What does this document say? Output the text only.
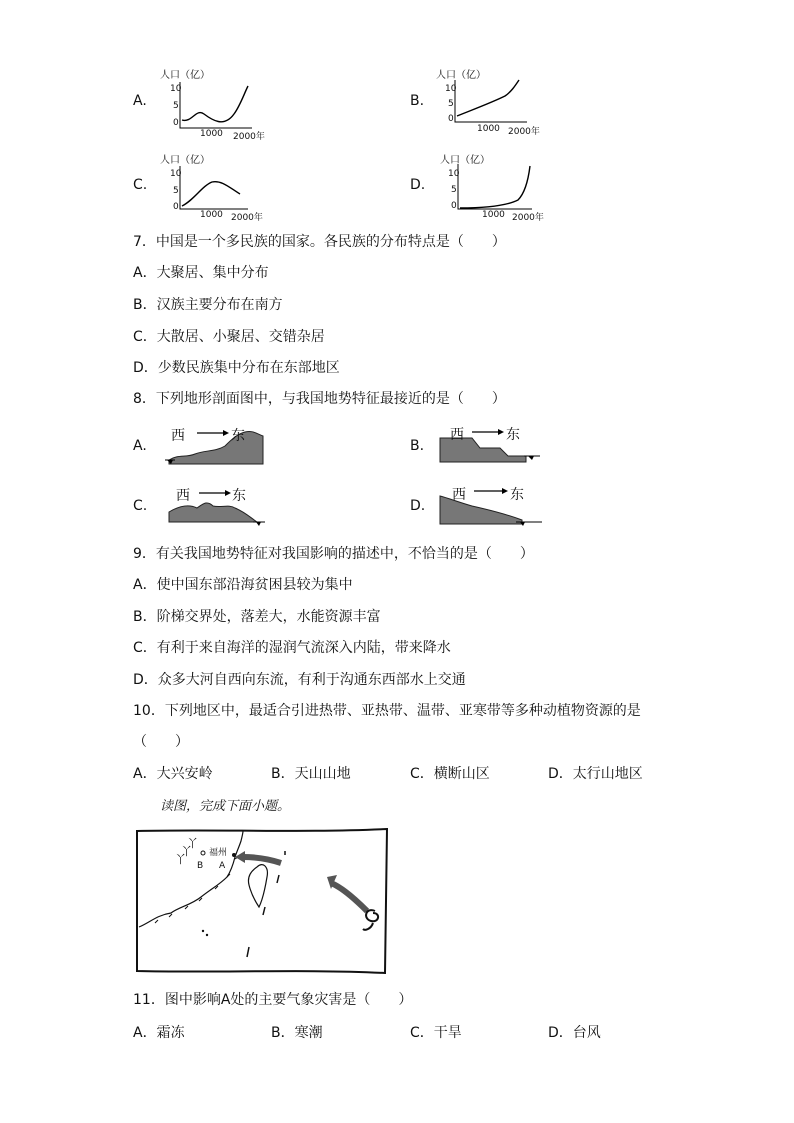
A.
人口（亿）
10
5
0
1000 2000年
B.
人口（亿）
10
5
0
1000 2000年
C.
人口（亿）
10
5
0
1000 2000年
D.
人口（亿）
10
5
0
1000 2000年
7．中国是一个多民族的国家。各民族的分布特点是（　　）
A．大聚居、集中分布
B．汉族主要分布在南方
C．大散居、小聚居、交错杂居
D．少数民族集中分布在东部地区
8．下列地形剖面图中，与我国地势特征最接近的是（　　）
A.
西	东
B.
西	东
C.
西	东
D.
西	东
9．有关我国地势特征对我国影响的描述中，不恰当的是（　　）
A．使中国东部沿海贫困县较为集中
B．阶梯交界处，落差大，水能资源丰富
C．有利于来自海洋的湿润气流深入内陆，带来降水
D．众多大河自西向东流，有利于沟通东西部水上交通
10．下列地区中，最适合引进热带、亚热带、温带、亚寒带等多种动植物资源的是
（　　）
A．大兴安岭	B．天山山地	C．横断山区	D．太行山地区
读图，完成下面小题。
丫
丫
丫
福州
A
B
11．图中影响A处的主要气象灾害是（　　）
A．霜冻	B．寒潮	C．干旱	D．台风
